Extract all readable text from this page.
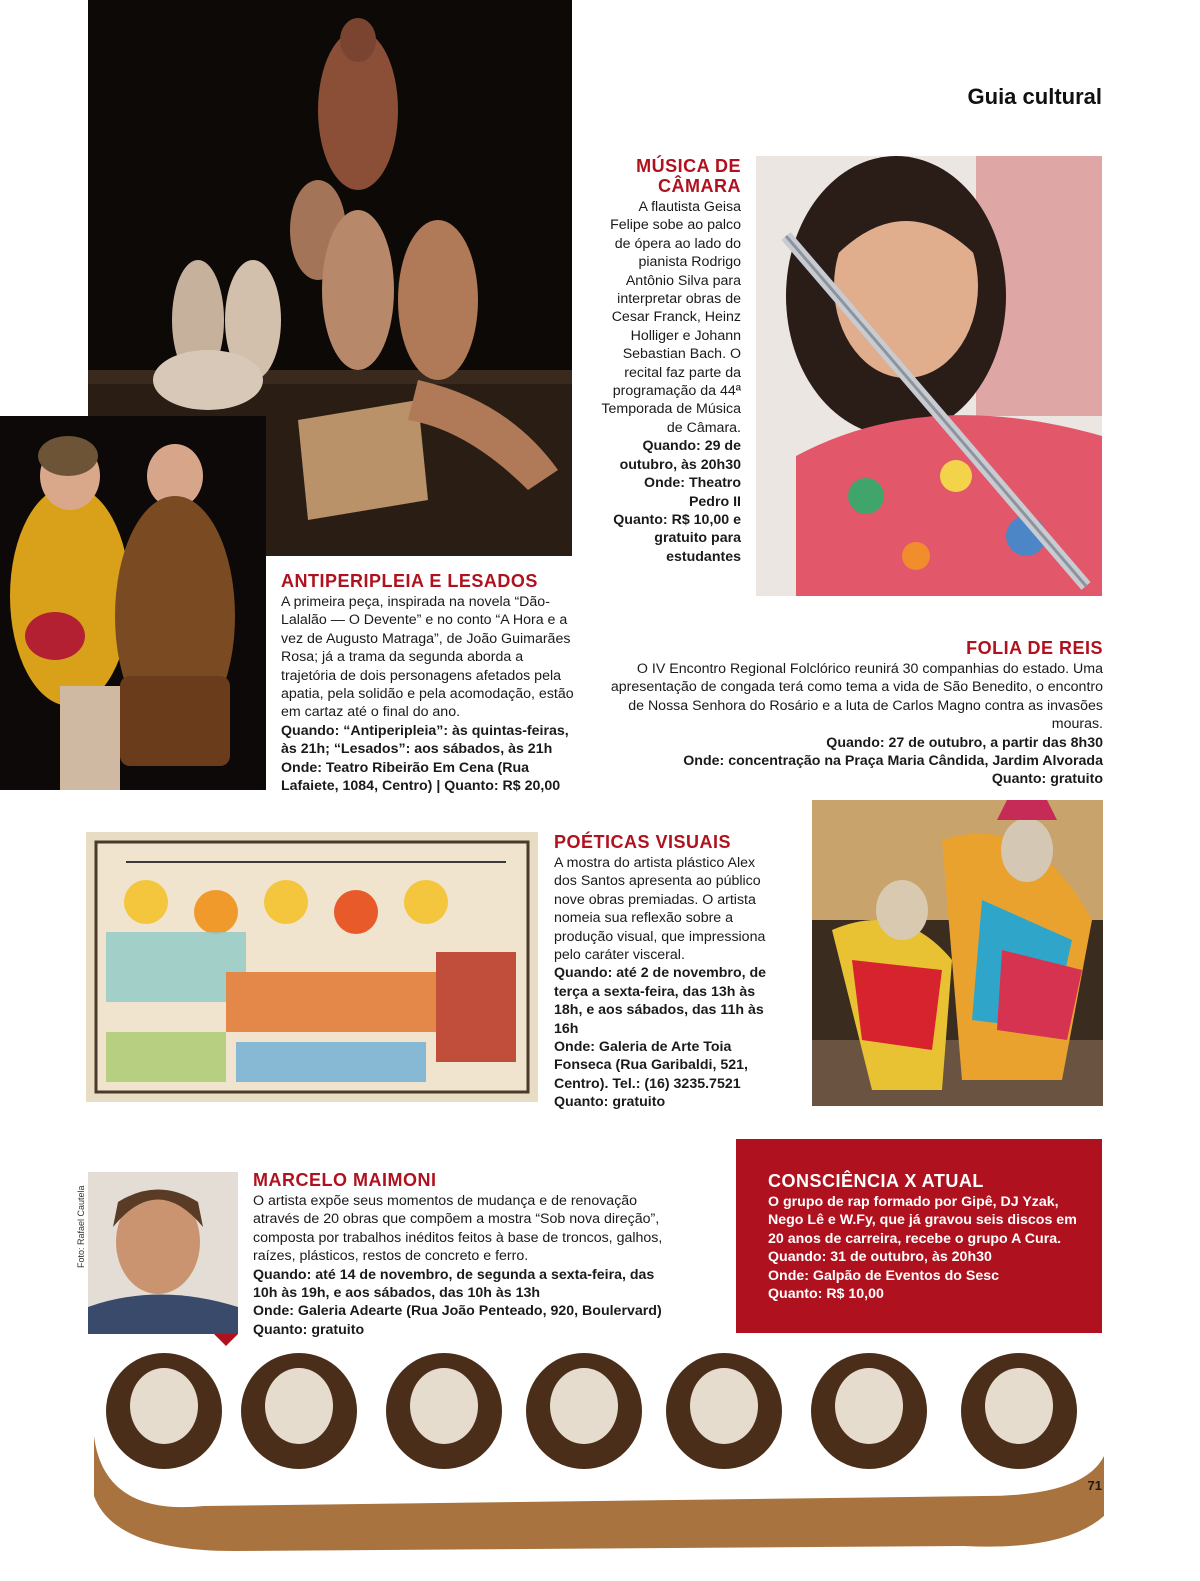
Guia cultural
ANTIPERIPLEIA E LESADOS

A primeira peça, inspirada na novela “Dão-Lalalão — O Devente” e no conto “A Hora e a vez de Augusto Matraga”, de João Guimarães Rosa; já a trama da segunda aborda a trajetória de dois personagens afetados pela apatia, pela solidão e pela acomodação, estão em cartaz até o final do ano.

Quando: “Antiperipleia”: às quintas-feiras, às 21h; “Lesados”: aos sábados, às 21h

Onde: Teatro Ribeirão Em Cena (Rua Lafaiete, 1084, Centro) | Quanto: R$ 20,00

MÚSICA DE CÂMARA

A flautista Geisa Felipe sobe ao palco de ópera ao lado do pianista Rodrigo Antônio Silva para interpretar obras de Cesar Franck, Heinz Holliger e Johann Sebastian Bach. O recital faz parte da programação da 44ª Temporada de Música de Câmara.

Quando: 29 de outubro, às 20h30

Onde: Theatro Pedro II

Quanto: R$ 10,00 e gratuito para estudantes

FOLIA DE REIS

O IV Encontro Regional Folclórico reunirá 30 companhias do estado. Uma apresentação de congada terá como tema a vida de São Benedito, o encontro de Nossa Senhora do Rosário e a luta de Carlos Magno contra as invasões mouras.

Quando: 27 de outubro, a partir das 8h30

Onde: concentração na Praça Maria Cândida, Jardim Alvorada

Quanto: gratuito

POÉTICAS VISUAIS

A mostra do artista plástico Alex dos Santos apresenta ao público nove obras premiadas. O artista nomeia sua reflexão sobre a produção visual, que impressiona pelo caráter visceral.

Quando: até 2 de novembro, de terça a sexta-feira, das 13h às 18h, e aos sábados, das 11h às 16h

Onde: Galeria de Arte Toia Fonseca (Rua Garibaldi, 521, Centro). Tel.: (16) 3235.7521

Quanto: gratuito

Foto: Rafael Cautela
MARCELO MAIMONI

O artista expõe seus momentos de mudança e de renovação através de 20 obras que compõem a mostra “Sob nova direção”, composta por trabalhos inéditos feitos à base de troncos, galhos, raízes, plásticos, restos de concreto e ferro.

Quando: até 14 de novembro, de segunda a sexta-feira, das 10h às 19h, e aos sábados, das 10h às 13h

Onde: Galeria Adearte (Rua João Penteado, 920, Boulervard)

Quanto: gratuito

CONSCIÊNCIA X ATUAL

O grupo de rap formado por Gipê, DJ Yzak, Nego Lê e W.Fy, que já gravou seis discos em 20 anos de carreira, recebe o grupo A Cura.

Quando: 31 de outubro, às 20h30

Onde: Galpão de Eventos do Sesc

Quanto: R$ 10,00

71
